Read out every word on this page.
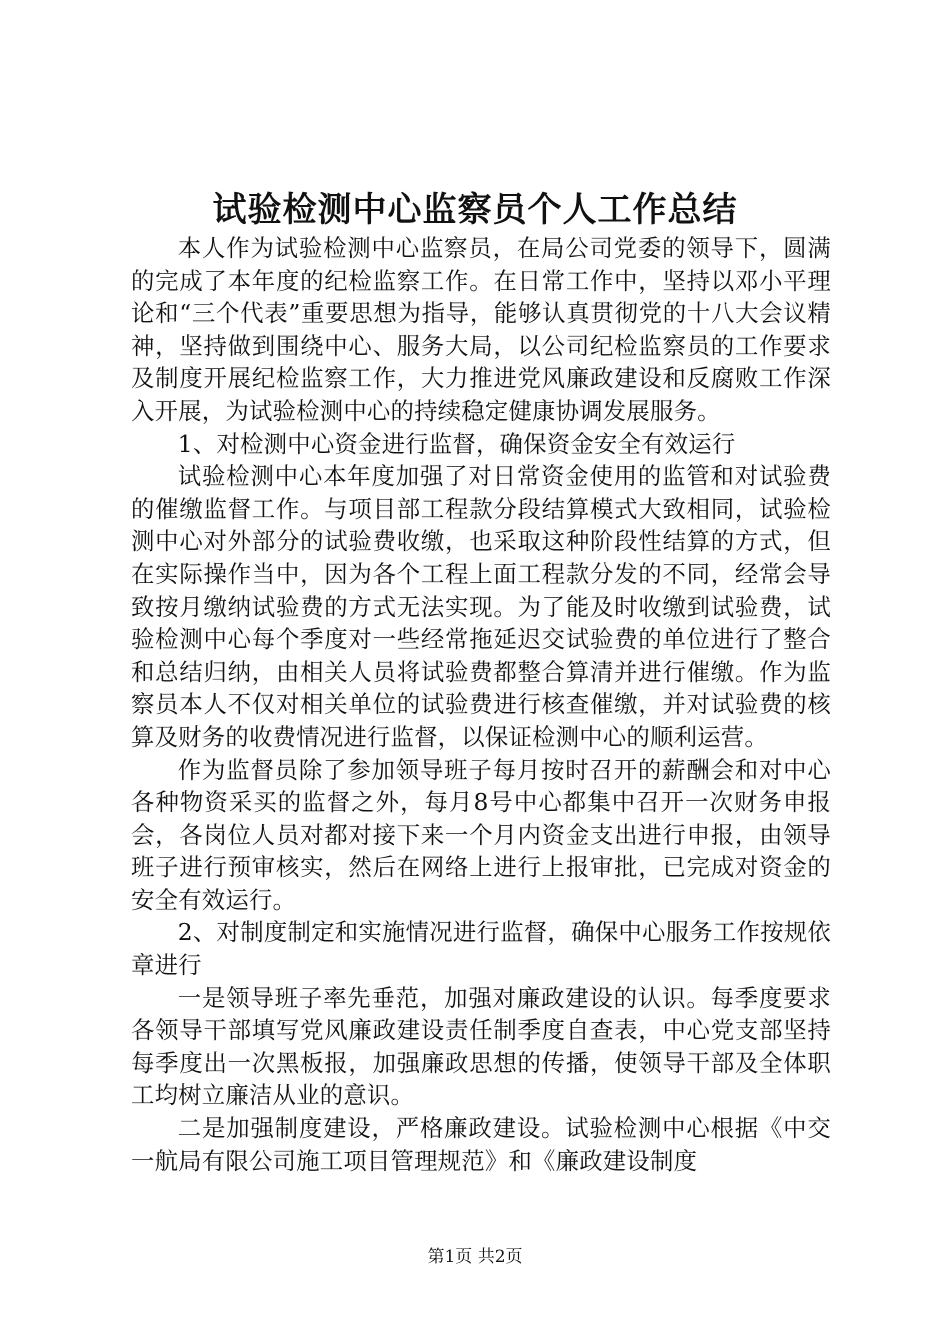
试验检测中心监察员个人工作总结

本人作为试验检测中心监察员，在局公司党委的领导下，圆满的完成了本年度的纪检监察工作。在日常工作中，坚持以邓小平理论和“三个代表”重要思想为指导，能够认真贯彻党的十八大会议精神，坚持做到围绕中心、服务大局，以公司纪检监察员的工作要求及制度开展纪检监察工作，大力推进党风廉政建设和反腐败工作深入开展，为试验检测中心的持续稳定健康协调发展服务。

1、对检测中心资金进行监督，确保资金安全有效运行

试验检测中心本年度加强了对日常资金使用的监管和对试验费的催缴监督工作。与项目部工程款分段结算模式大致相同，试验检测中心对外部分的试验费收缴，也采取这种阶段性结算的方式，但在实际操作当中，因为各个工程上面工程款分发的不同，经常会导致按月缴纳试验费的方式无法实现。为了能及时收缴到试验费，试验检测中心每个季度对一些经常拖延迟交试验费的单位进行了整合和总结归纳，由相关人员将试验费都整合算清并进行催缴。作为监察员本人不仅对相关单位的试验费进行核查催缴，并对试验费的核算及财务的收费情况进行监督，以保证检测中心的顺利运营。

作为监督员除了参加领导班子每月按时召开的薪酬会和对中心各种物资采买的监督之外，每月8号中心都集中召开一次财务申报会，各岗位人员对都对接下来一个月内资金支出进行申报，由领导班子进行预审核实，然后在网络上进行上报审批，已完成对资金的安全有效运行。

2、对制度制定和实施情况进行监督，确保中心服务工作按规依章进行

一是领导班子率先垂范，加强对廉政建设的认识。每季度要求各领导干部填写党风廉政建设责任制季度自查表，中心党支部坚持每季度出一次黑板报，加强廉政思想的传播，使领导干部及全体职工均树立廉洁从业的意识。

二是加强制度建设，严格廉政建设。试验检测中心根据《中交一航局有限公司施工项目管理规范》和《廉政建设制度

第1页 共2页
